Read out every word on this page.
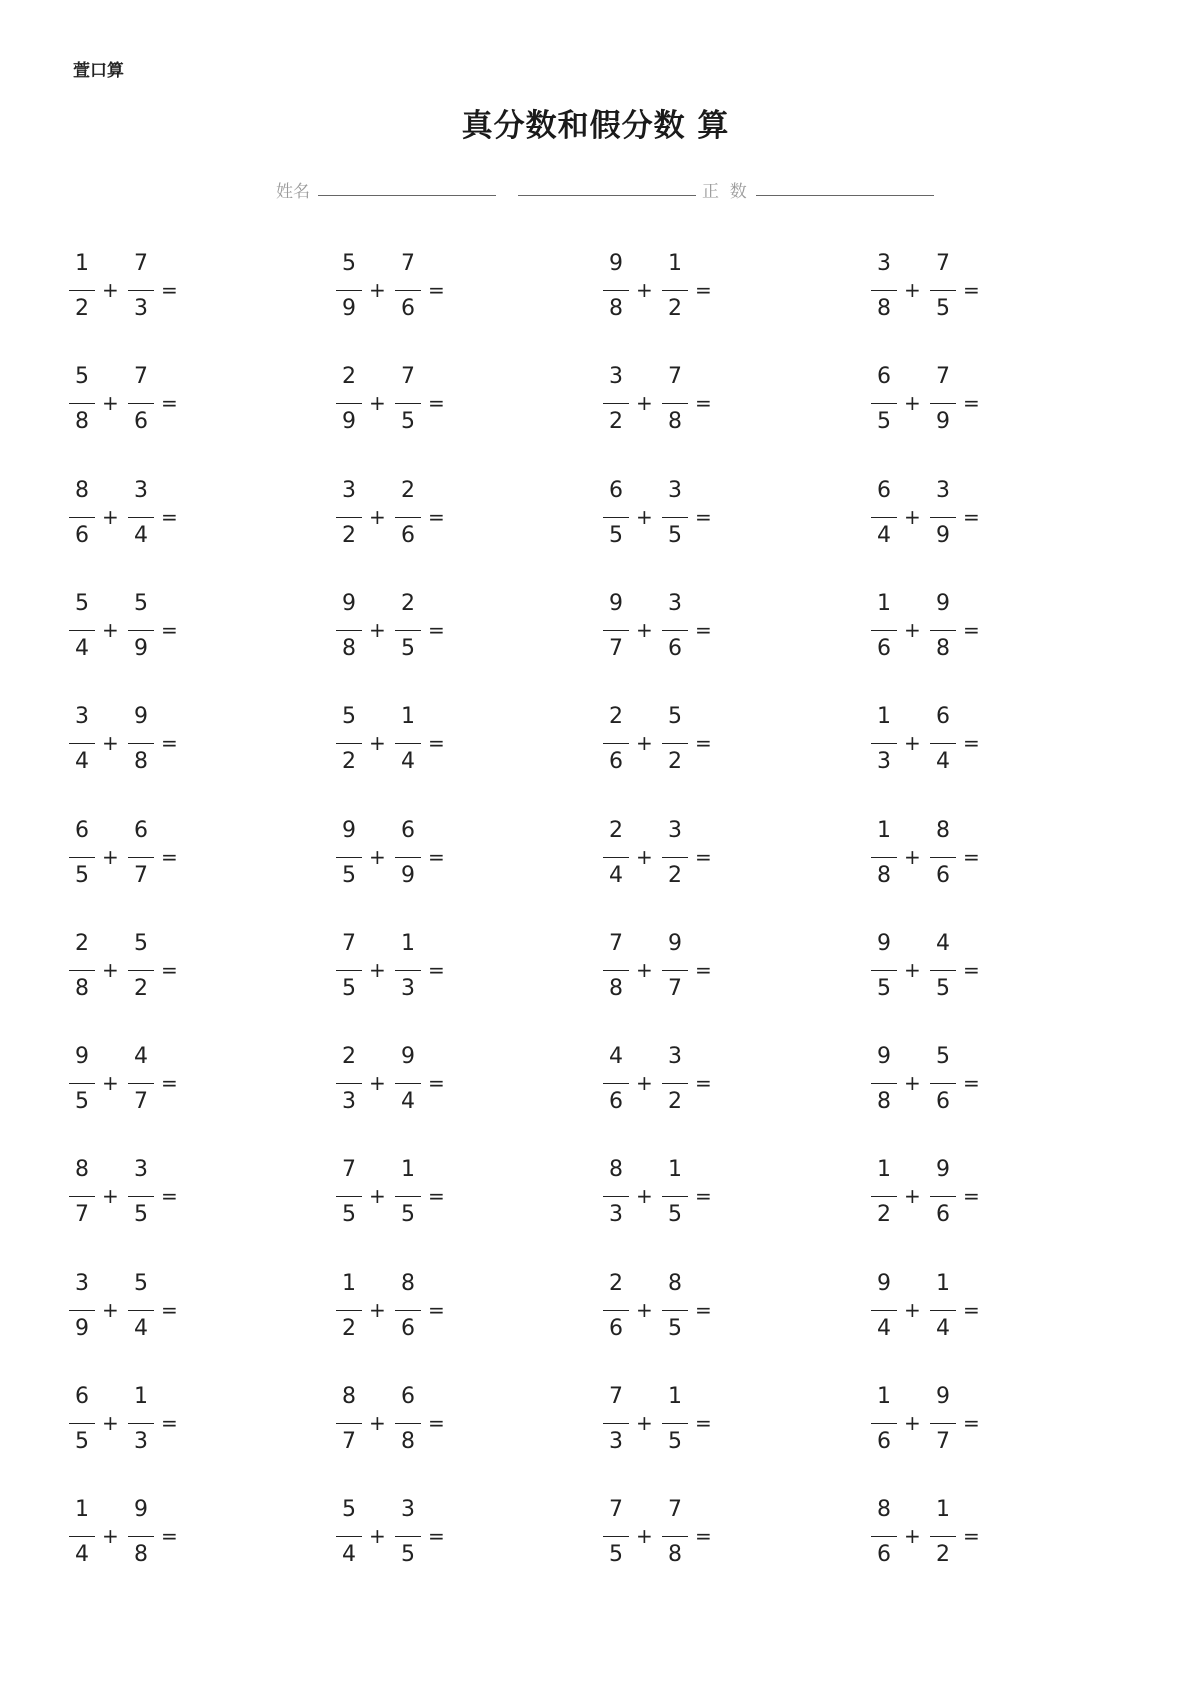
萱口算
真分数和假分数 算
姓名	正  数
1
2
+
7
3
=
5
9
+
7
6
=
9
8
+
1
2
=
3
8
+
7
5
=
5
8
+
7
6
=
2
9
+
7
5
=
3
2
+
7
8
=
6
5
+
7
9
=
8
6
+
3
4
=
3
2
+
2
6
=
6
5
+
3
5
=
6
4
+
3
9
=
5
4
+
5
9
=
9
8
+
2
5
=
9
7
+
3
6
=
1
6
+
9
8
=
3
4
+
9
8
=
5
2
+
1
4
=
2
6
+
5
2
=
1
3
+
6
4
=
6
5
+
6
7
=
9
5
+
6
9
=
2
4
+
3
2
=
1
8
+
8
6
=
2
8
+
5
2
=
7
5
+
1
3
=
7
8
+
9
7
=
9
5
+
4
5
=
9
5
+
4
7
=
2
3
+
9
4
=
4
6
+
3
2
=
9
8
+
5
6
=
8
7
+
3
5
=
7
5
+
1
5
=
8
3
+
1
5
=
1
2
+
9
6
=
3
9
+
5
4
=
1
2
+
8
6
=
2
6
+
8
5
=
9
4
+
1
4
=
6
5
+
1
3
=
8
7
+
6
8
=
7
3
+
1
5
=
1
6
+
9
7
=
1
4
+
9
8
=
5
4
+
3
5
=
7
5
+
7
8
=
8
6
+
1
2
=
